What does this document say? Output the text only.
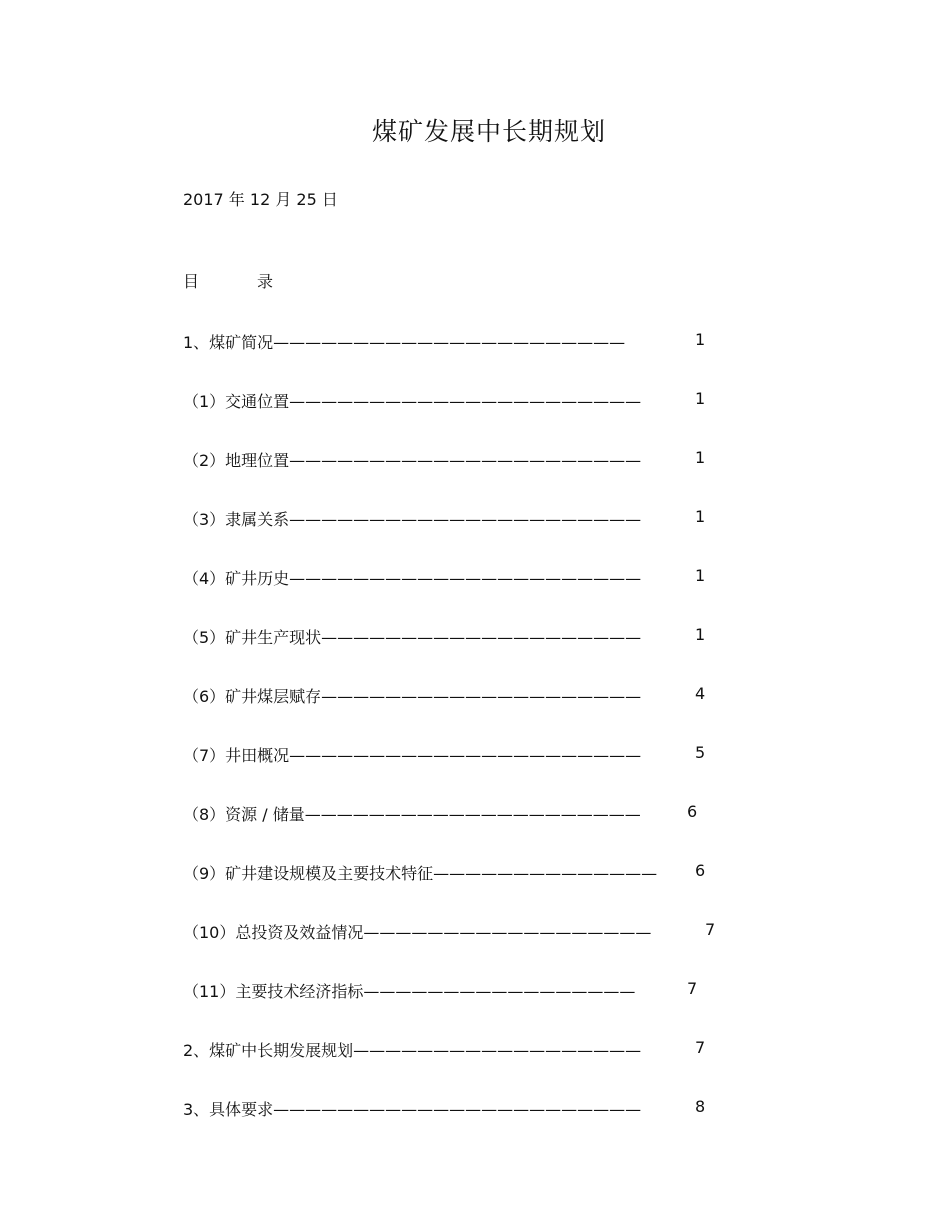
煤矿发展中长期规划
2017 年 12 月 25 日
目	录
1、煤矿简况——————————————————————	1
（1）交通位置——————————————————————	1
（2）地理位置——————————————————————	1
（3）隶属关系——————————————————————	1
（4）矿井历史——————————————————————	1
（5）矿井生产现状————————————————————	1
（6）矿井煤层赋存————————————————————	4
（7）井田概况——————————————————————	5
（8）资源 / 储量—————————————————————	6
（9）矿井建设规模及主要技术特征—————————————— 6
（10）总投资及效益情况——————————————————	7
（11）主要技术经济指标—————————————————	7
2、煤矿中长期发展规划——————————————————	7
3、具体要求———————————————————————	8
